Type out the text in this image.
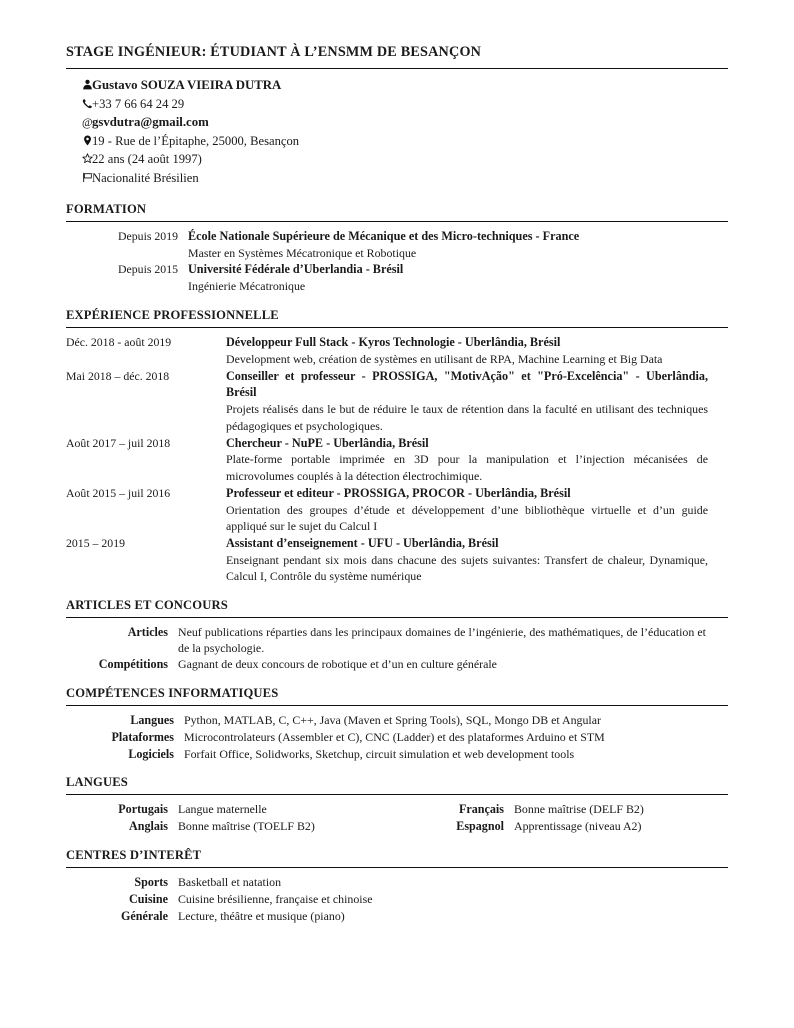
STAGE INGÉNIEUR: ÉTUDIANT À L’ENSMM DE BESANÇON
Gustavo SOUZA VIEIRA DUTRA
+33 7 66 64 24 29
@ gsvdutra@gmail.com
19 - Rue de l’Épitaphe, 25000, Besançon
22 ans (24 août 1997)
Nacionalité Brésilien
FORMATION
Depuis 2019 École Nationale Supérieure de Mécanique et des Micro-techniques - France
Master en Systèmes Mécatronique et Robotique
Depuis 2015 Université Fédérale d’Uberlandia - Brésil
Ingénierie Mécatronique
EXPÉRIENCE PROFESSIONNELLE
Déc. 2018 - août 2019	Développeur Full Stack - Kyros Technologie - Uberlândia, Brésil
Development web, création de systèmes en utilisant de RPA, Machine Learning et Big Data
Mai 2018 – déc. 2018	Conseiller et professeur - PROSSIGA, "MotivAção" et "Pró-Excelência" - Uberlândia, Brésil
Projets réalisés dans le but de réduire le taux de rétention dans la faculté en utilisant des techniques pédagogiques et psychologiques.
Août 2017 – juil 2018	Chercheur - NuPE - Uberlândia, Brésil
Plate-forme portable imprimée en 3D pour la manipulation et l’injection mécanisées de microvolumes couplés à la détection électrochimique.
Août 2015 – juil 2016	Professeur et editeur - PROSSIGA, PROCOR - Uberlândia, Brésil
Orientation des groupes d’étude et développement d’une bibliothèque virtuelle et d’un guide appliqué sur le sujet du Calcul I
2015 – 2019	Assistant d’enseignement - UFU - Uberlândia, Brésil
Enseignant pendant six mois dans chacune des sujets suivantes: Transfert de chaleur, Dynamique, Calcul I, Contrôle du système numérique
ARTICLES ET CONCOURS
Articles Neuf publications réparties dans les principaux domaines de l’ingénierie, des mathématiques, de l’éducation et de la psychologie.
Compétitions Gagnant de deux concours de robotique et d’un en culture générale
COMPÉTENCES INFORMATIQUES
Langues Python, MATLAB, C, C++, Java (Maven et Spring Tools), SQL, Mongo DB et Angular
Plataformes Microcontrolateurs (Assembler et C), CNC (Ladder) et des plataformes Arduino et STM
Logiciels Forfait Office, Solidworks, Sketchup, circuit simulation et web development tools
LANGUES
Portugais Langue maternelle	Français Bonne maîtrise (DELF B2)
Anglais Bonne maîtrise (TOELF B2)	Espagnol Apprentissage (niveau A2)
CENTRES D’INTERÊT
Sports Basketball et natation
Cuisine Cuisine brésilienne, française et chinoise
Générale Lecture, théâtre et musique (piano)
